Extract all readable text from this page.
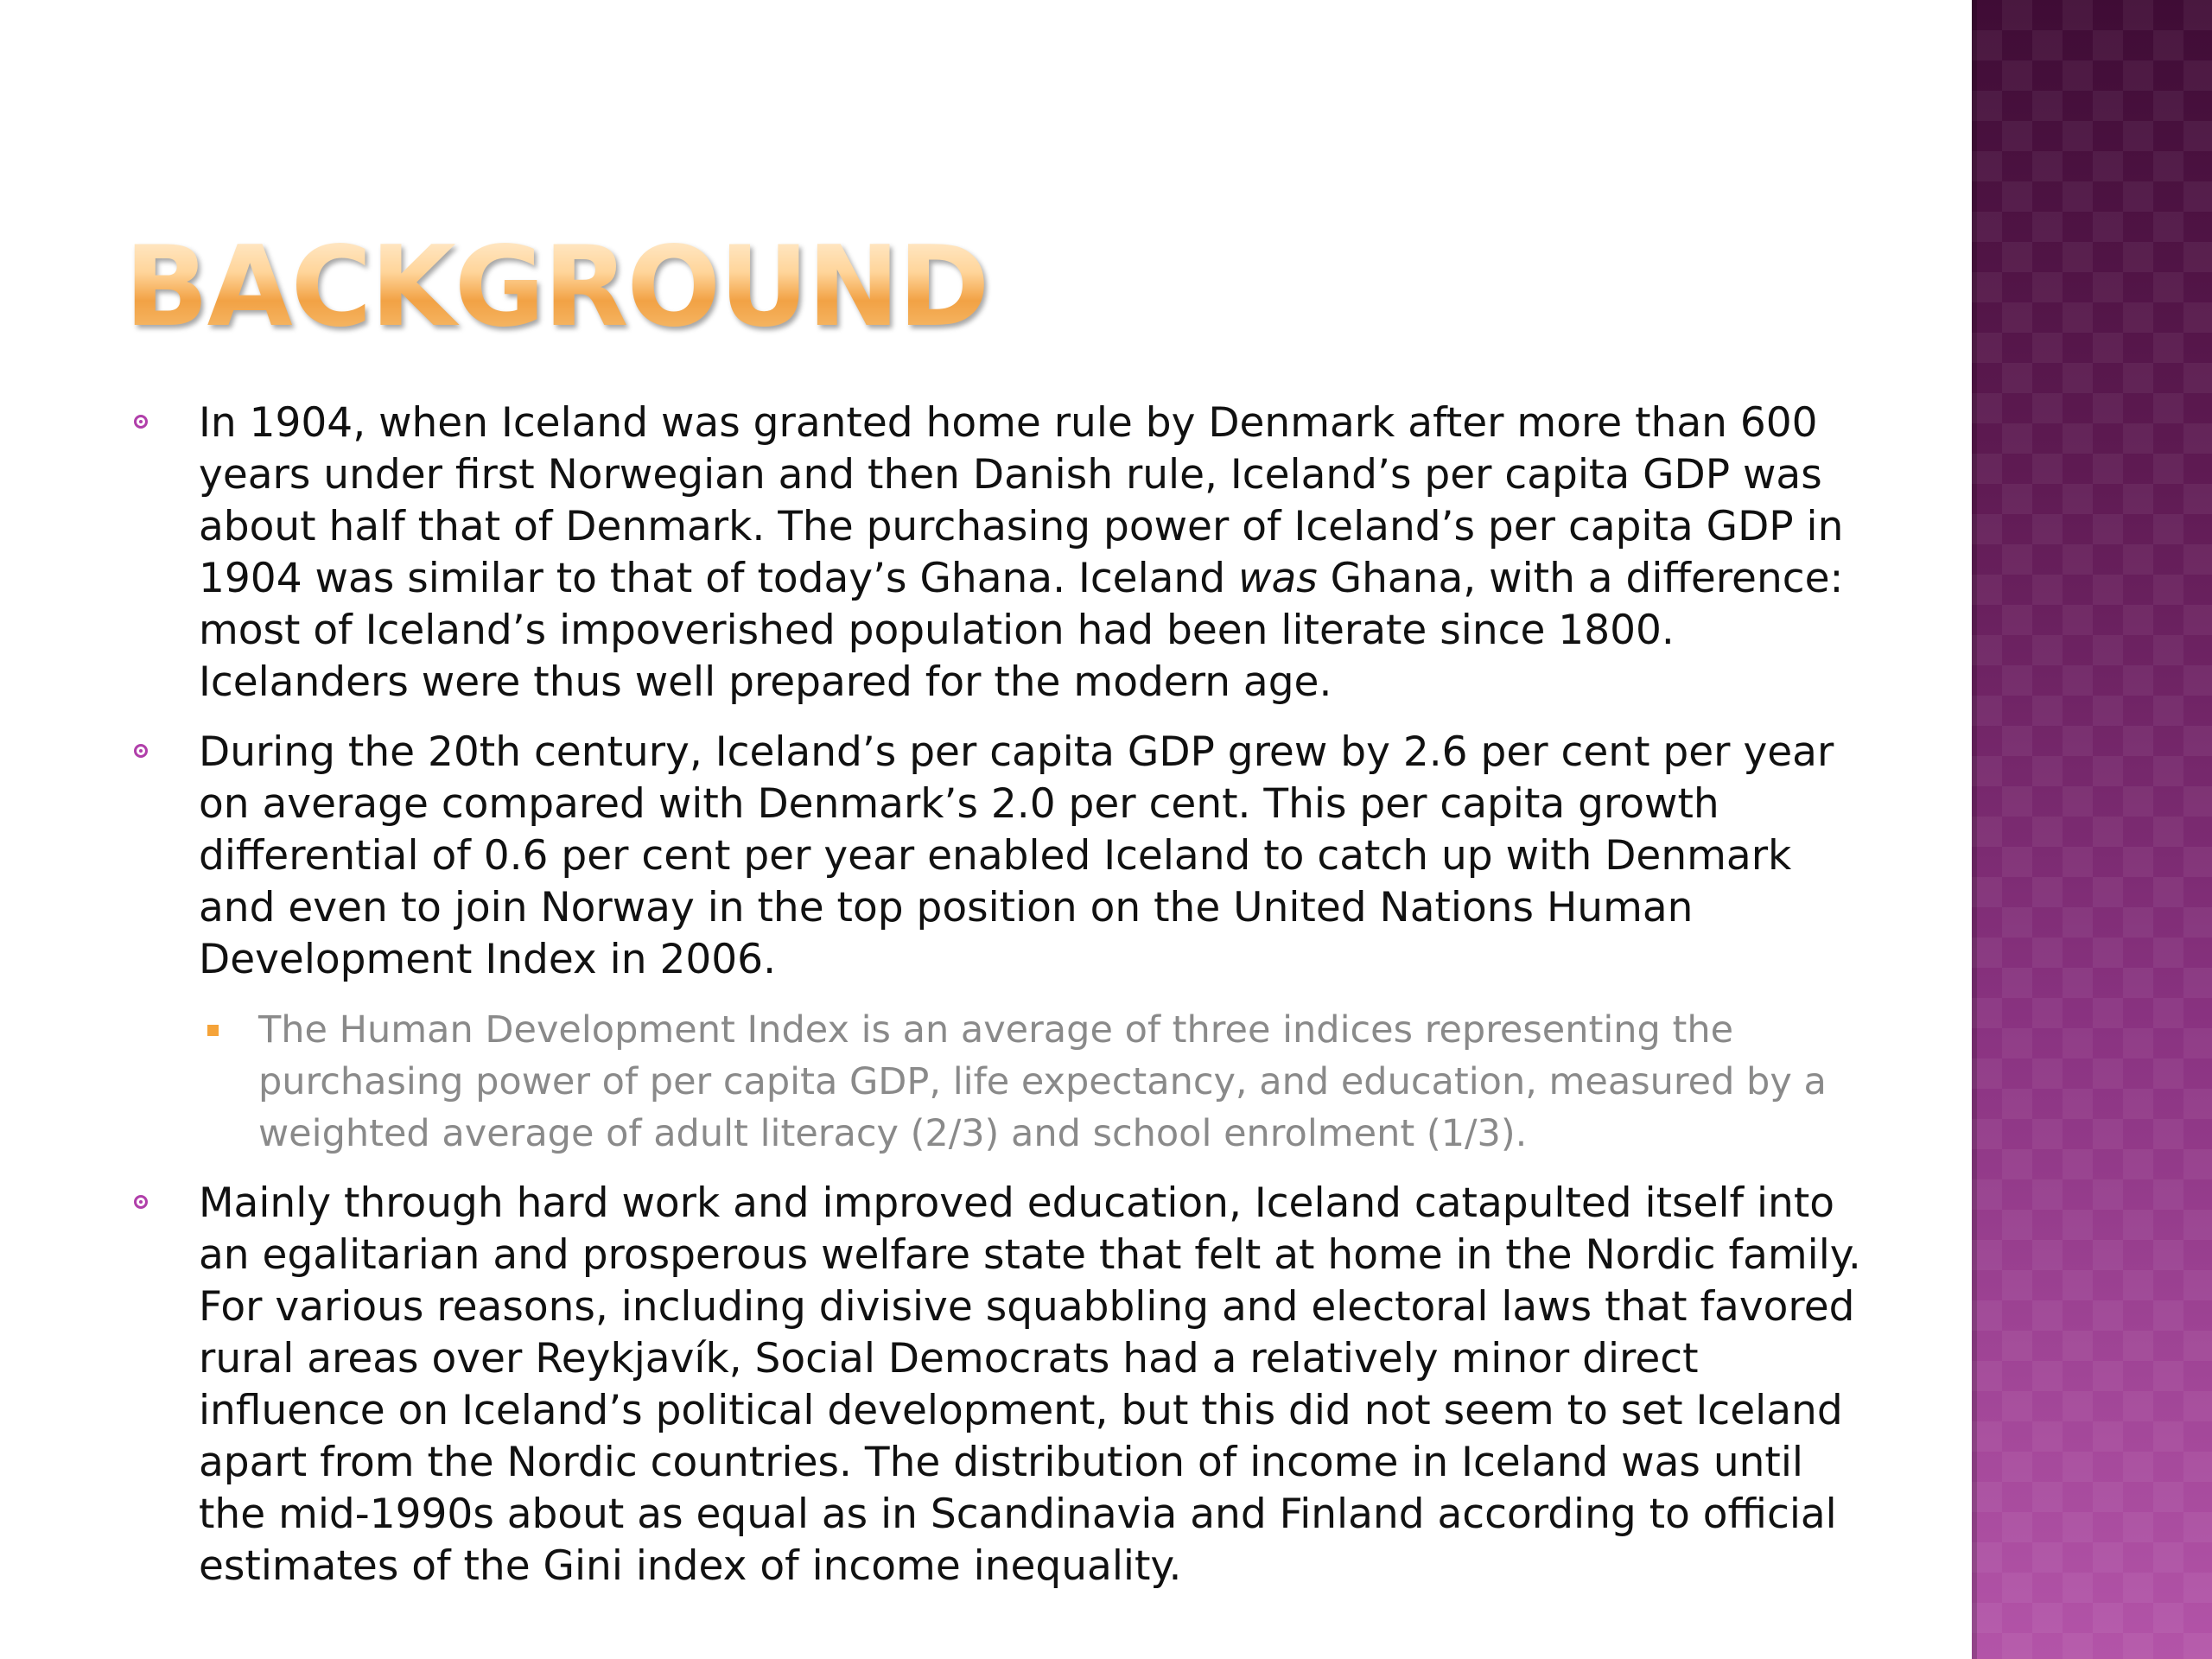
BACKGROUND
In 1904, when Iceland was granted home rule by Denmark after more than 600 years under first Norwegian and then Danish rule, Iceland’s per capita GDP was about half that of Denmark. The purchasing power of Iceland’s per capita GDP in 1904 was similar to that of today’s Ghana. Iceland was Ghana, with a difference: most of Iceland’s impoverished population had been literate since 1800. Icelanders were thus well prepared for the modern age.
During the 20th century, Iceland’s per capita GDP grew by 2.6 per cent per year on average compared with Denmark’s 2.0 per cent. This per capita growth differential of 0.6 per cent per year enabled Iceland to catch up with Denmark and even to join Norway in the top position on the United Nations Human Development Index in 2006.
The Human Development Index is an average of three indices representing the purchasing power of per capita GDP, life expectancy, and education, measured by a weighted average of adult literacy (2/3) and school enrolment (1/3).
Mainly through hard work and improved education, Iceland catapulted itself into an egalitarian and prosperous welfare state that felt at home in the Nordic family. For various reasons, including divisive squabbling and electoral laws that favored rural areas over Reykjavík, Social Democrats had a relatively minor direct influence on Iceland’s political development, but this did not seem to set Iceland apart from the Nordic countries. The distribution of income in Iceland was until the mid-1990s about as equal as in Scandinavia and Finland according to official estimates of the Gini index of income inequality.
